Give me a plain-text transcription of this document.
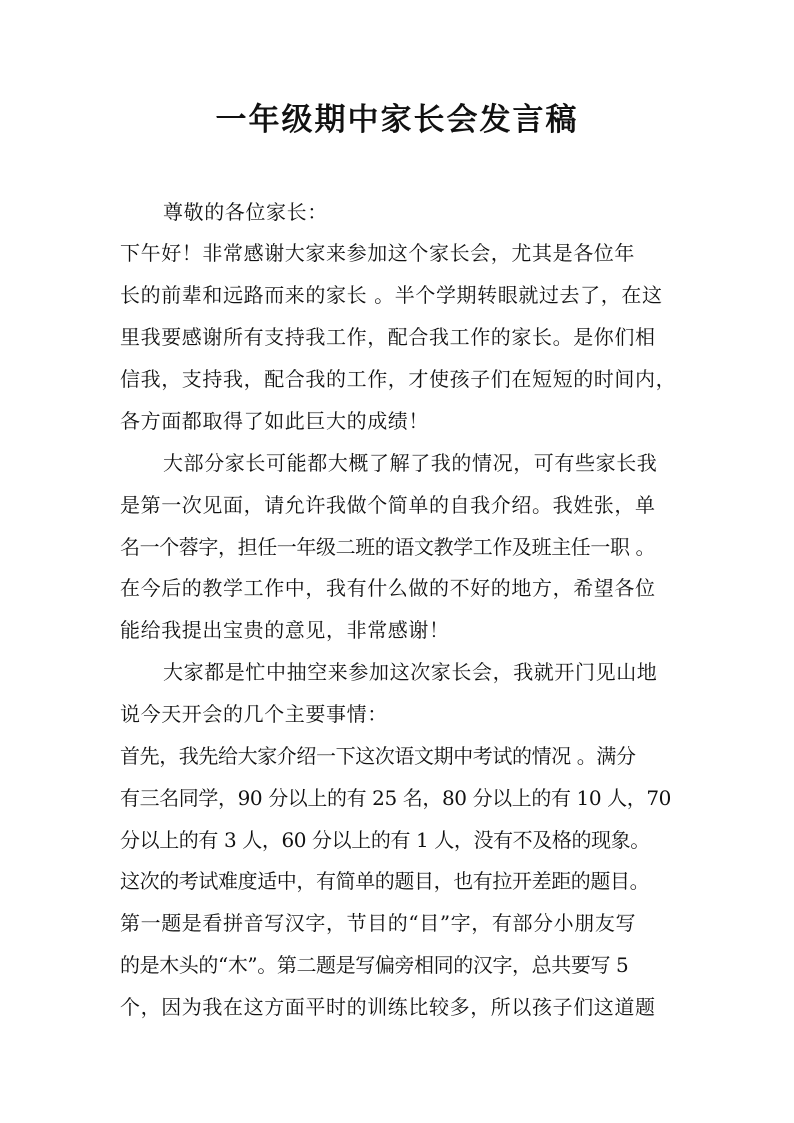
一年级期中家长会发言稿
尊敬的各位家长：
下午好！非常感谢大家来参加这个家长会，尤其是各位年
长的前辈和远路而来的家长 。半个学期转眼就过去了，在这
里我要感谢所有支持我工作，配合我工作的家长。是你们相
信我，支持我，配合我的工作，才使孩子们在短短的时间内，
各方面都取得了如此巨大的成绩！
大部分家长可能都大概了解了我的情况，可有些家长我
是第一次见面，请允许我做个简单的自我介绍。我姓张，单
名一个蓉字，担任一年级二班的语文教学工作及班主任一职 。
在今后的教学工作中，我有什么做的不好的地方，希望各位
能给我提出宝贵的意见，非常感谢！
大家都是忙中抽空来参加这次家长会，我就开门见山地
说今天开会的几个主要事情：
首先，我先给大家介绍一下这次语文期中考试的情况 。满分
有三名同学，90 分以上的有 25 名，80 分以上的有 10 人，70
分以上的有 3 人，60 分以上的有 1 人，没有不及格的现象。
这次的考试难度适中，有简单的题目，也有拉开差距的题目。
第一题是看拼音写汉字，节目的“目”字，有部分小朋友写
的是木头的“木”。第二题是写偏旁相同的汉字，总共要写 5
个，因为我在这方面平时的训练比较多，所以孩子们这道题
